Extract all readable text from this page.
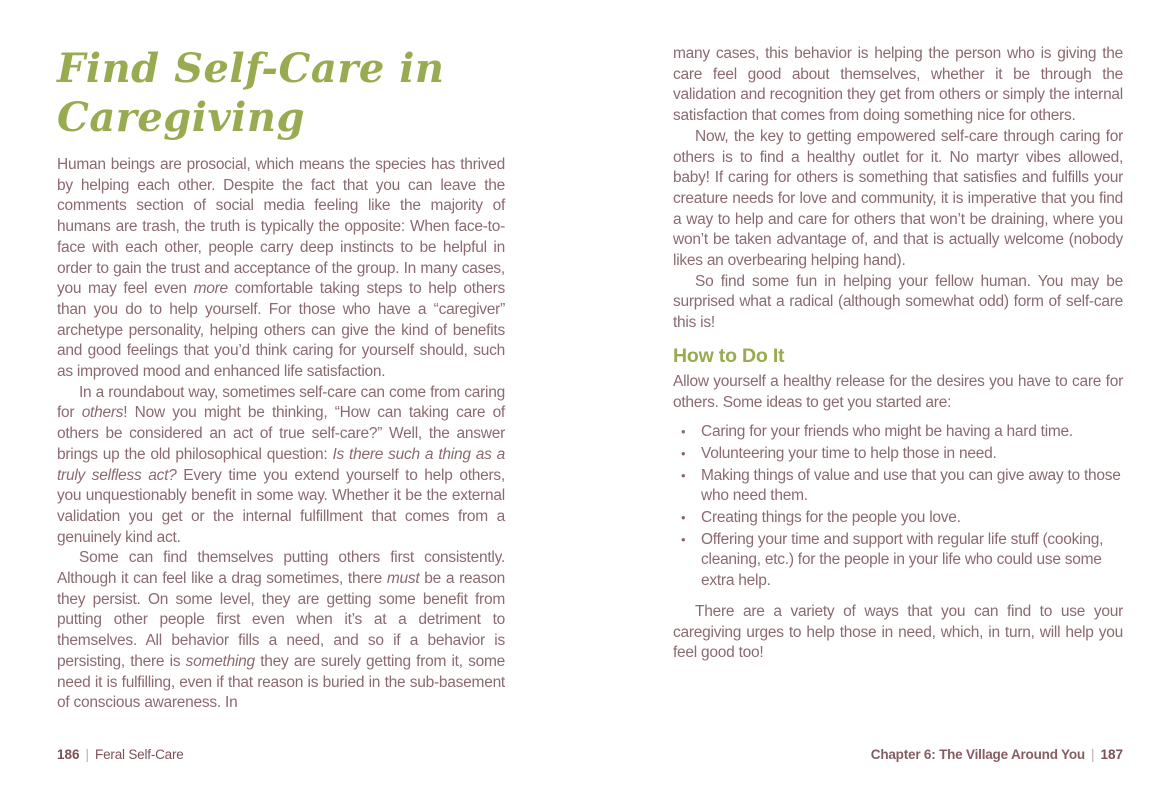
Find Self-Care in
Caregiving

Human beings are prosocial, which means the species has thrived by helping each other. Despite the fact that you can leave the comments section of social media feeling like the majority of humans are trash, the truth is typically the opposite: When face-to-face with each other, people carry deep instincts to be helpful in order to gain the trust and acceptance of the group. In many cases, you may feel even more comfortable taking steps to help others than you do to help yourself. For those who have a “caregiver” archetype personality, helping others can give the kind of benefits and good feelings that you’d think caring for yourself should, such as improved mood and enhanced life satisfaction.

In a roundabout way, sometimes self-care can come from caring for others! Now you might be thinking, “How can taking care of others be considered an act of true self-care?” Well, the answer brings up the old philosophical question: Is there such a thing as a truly selfless act? Every time you extend yourself to help others, you unquestionably benefit in some way. Whether it be the external validation you get or the internal fulfillment that comes from a genuinely kind act.

Some can find themselves putting others first consistently. Although it can feel like a drag sometimes, there must be a reason they persist. On some level, they are getting some benefit from putting other people first even when it’s at a detriment to themselves. All behavior fills a need, and so if a behavior is persisting, there is something they are surely getting from it, some need it is fulfilling, even if that reason is buried in the sub-basement of conscious awareness. In

many cases, this behavior is helping the person who is giving the care feel good about themselves, whether it be through the validation and recognition they get from others or simply the internal satisfaction that comes from doing something nice for others.

Now, the key to getting empowered self-care through caring for others is to find a healthy outlet for it. No martyr vibes allowed, baby! If caring for others is something that satisfies and fulfills your creature needs for love and community, it is imperative that you find a way to help and care for others that won’t be draining, where you won’t be taken advantage of, and that is actually welcome (nobody likes an overbearing helping hand).

So find some fun in helping your fellow human. You may be surprised what a radical (although somewhat odd) form of self-care this is!

How to Do It

Allow yourself a healthy release for the desires you have to care for others. Some ideas to get you started are:

• Caring for your friends who might be having a hard time.
• Volunteering your time to help those in need.
• Making things of value and use that you can give away to those who need them.
• Creating things for the people you love.
• Offering your time and support with regular life stuff (cooking, cleaning, etc.) for the people in your life who could use some extra help.

There are a variety of ways that you can find to use your caregiving urges to help those in need, which, in turn, will help you feel good too!

186 | Feral Self-Care	Chapter 6: The Village Around You | 187
